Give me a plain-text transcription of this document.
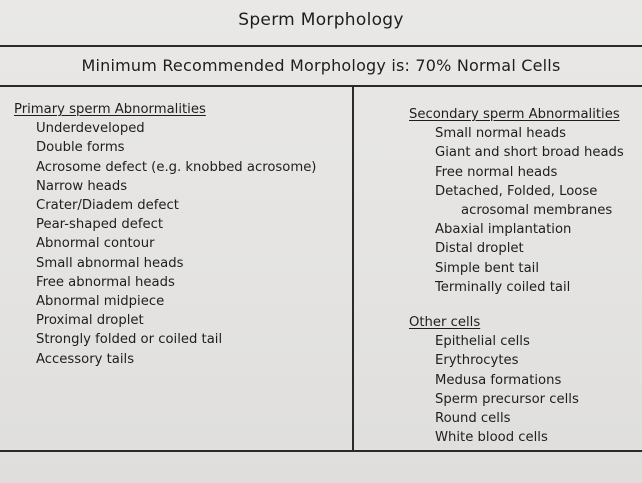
Sperm Morphology
Minimum Recommended Morphology is: 70% Normal Cells
Primary sperm Abnormalities
Underdeveloped
Double forms
Acrosome defect (e.g. knobbed acrosome)
Narrow heads
Crater/Diadem defect
Pear-shaped defect
Abnormal contour
Small abnormal heads
Free abnormal heads
Abnormal midpiece
Proximal droplet
Strongly folded or coiled tail
Accessory tails
Secondary sperm Abnormalities
Small normal heads
Giant and short broad heads
Free normal heads
Detached, Folded, Loose
acrosomal membranes
Abaxial implantation
Distal droplet
Simple bent tail
Terminally coiled tail
Other cells
Epithelial cells
Erythrocytes
Medusa formations
Sperm precursor cells
Round cells
White blood cells
